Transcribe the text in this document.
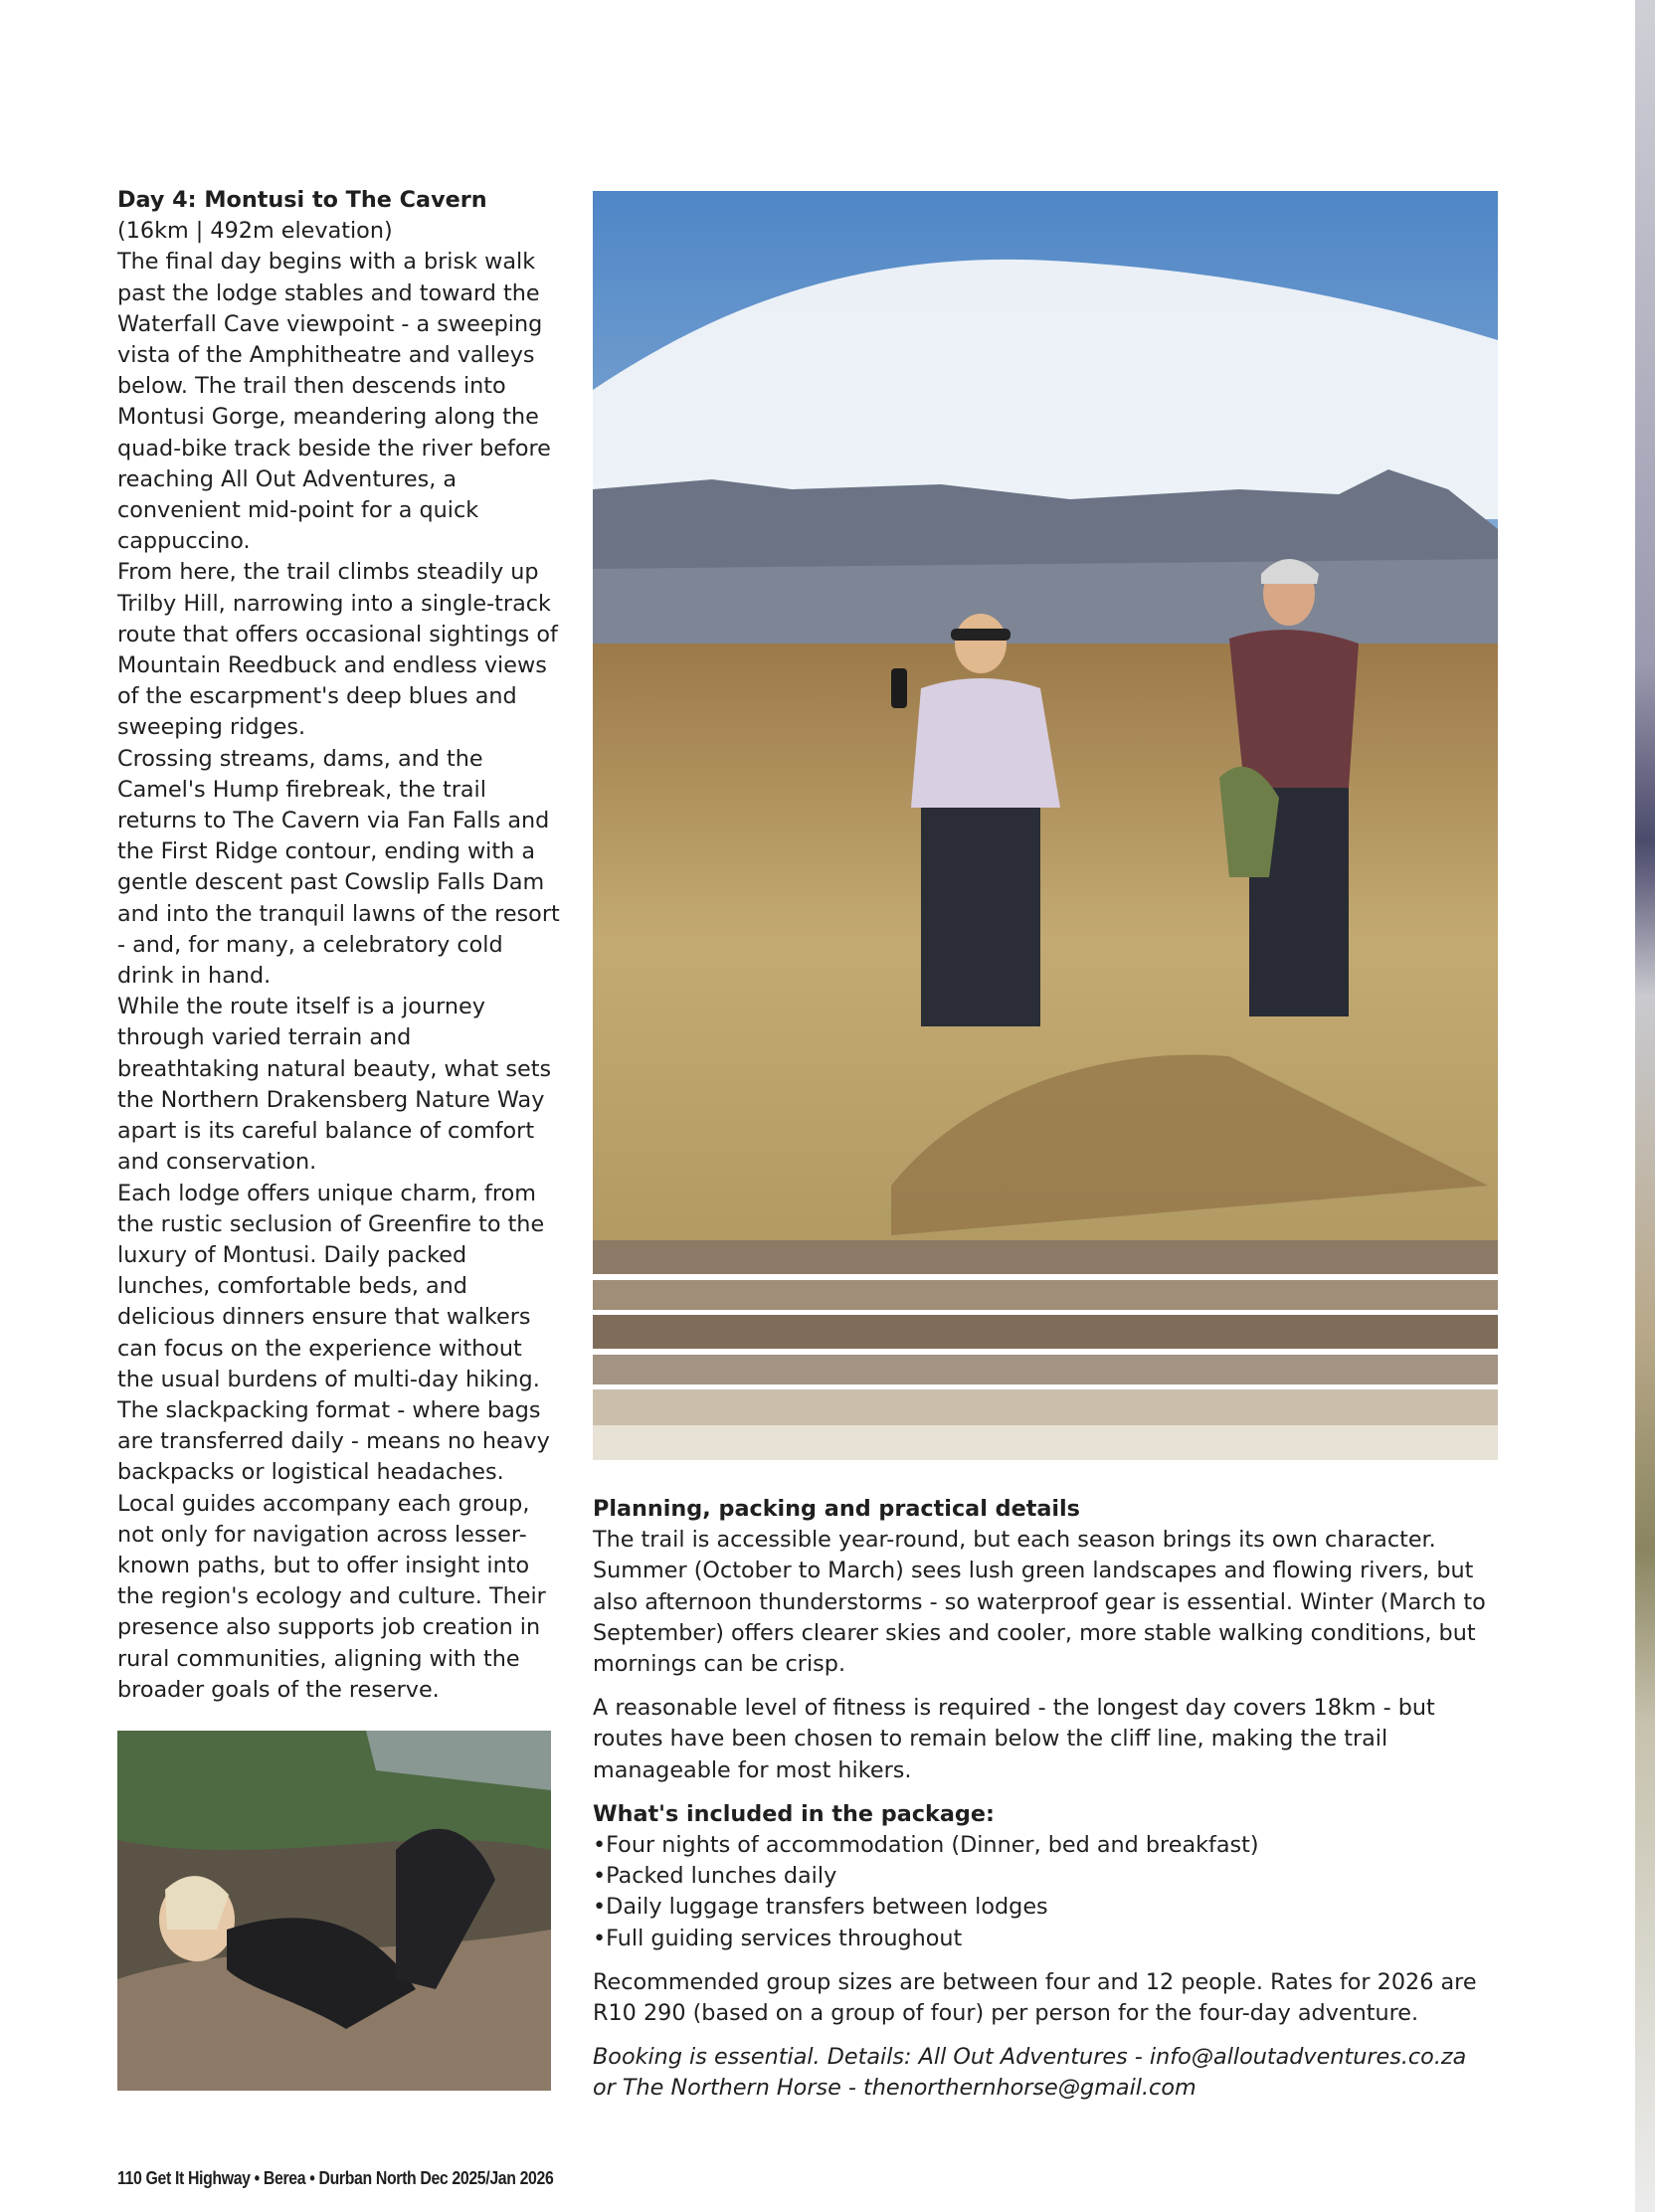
Day 4: Montusi to The Cavern

(16km | 492m elevation)

The final day begins with a brisk walk past the lodge stables and toward the Waterfall Cave viewpoint - a sweeping vista of the Amphitheatre and valleys below. The trail then descends into Montusi Gorge, meandering along the quad-bike track beside the river before reaching All Out Adventures, a convenient mid-point for a quick cappuccino.

From here, the trail climbs steadily up Trilby Hill, narrowing into a single-track route that offers occasional sightings of Mountain Reedbuck and endless views of the escarpment's deep blues and sweeping ridges.

Crossing streams, dams, and the Camel's Hump firebreak, the trail returns to The Cavern via Fan Falls and the First Ridge contour, ending with a gentle descent past Cowslip Falls Dam and into the tranquil lawns of the resort - and, for many, a celebratory cold drink in hand.

While the route itself is a journey through varied terrain and breathtaking natural beauty, what sets the Northern Drakensberg Nature Way apart is its careful balance of comfort and conservation.

Each lodge offers unique charm, from the rustic seclusion of Greenfire to the luxury of Montusi. Daily packed lunches, comfortable beds, and delicious dinners ensure that walkers can focus on the experience without the usual burdens of multi-day hiking. The slackpacking format - where bags are transferred daily - means no heavy backpacks or logistical headaches.

Local guides accompany each group, not only for navigation across lesser-known paths, but to offer insight into the region's ecology and culture. Their presence also supports job creation in rural communities, aligning with the broader goals of the reserve.

Planning, packing and practical details

The trail is accessible year-round, but each season brings its own character. Summer (October to March) sees lush green landscapes and flowing rivers, but also afternoon thunderstorms - so waterproof gear is essential. Winter (March to September) offers clearer skies and cooler, more stable walking conditions, but mornings can be crisp.

A reasonable level of fitness is required - the longest day covers 18km - but routes have been chosen to remain below the cliff line, making the trail manageable for most hikers.

What's included in the package:

• Four nights of accommodation (Dinner, bed and breakfast)
• Packed lunches daily
• Daily luggage transfers between lodges
• Full guiding services throughout

Recommended group sizes are between four and 12 people. Rates for 2026 are R10 290 (based on a group of four) per person for the four-day adventure.

Booking is essential. Details: All Out Adventures - info@alloutadventures.co.za or The Northern Horse - thenorthernhorse@gmail.com

110 Get It Highway • Berea • Durban North Dec 2025/Jan 2026
